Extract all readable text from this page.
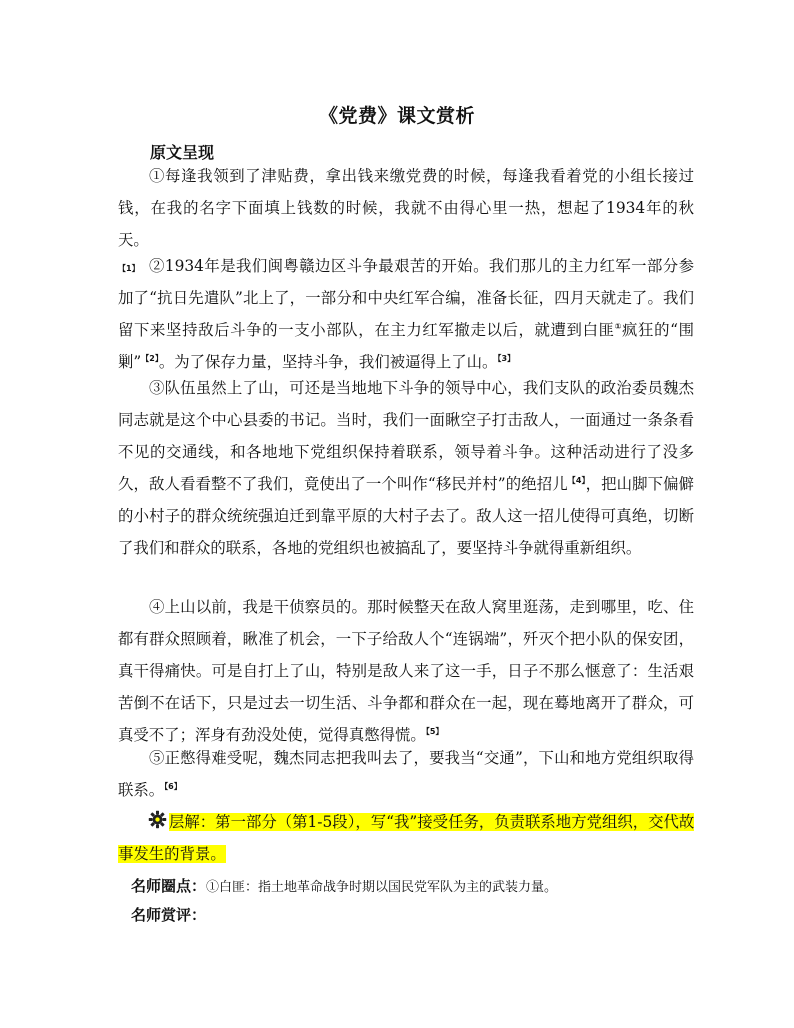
《党费》课文赏析
原文呈现
①每逢我领到了津贴费，拿出钱来缴党费的时候，每逢我看着党的小组长接过钱，在我的名字下面填上钱数的时候，我就不由得心里一热，想起了1934年的秋天。
$^{【1】}$ ②1934年是我们闽粤赣边区斗争最艰苦的开始。我们那儿的主力红军一部分参加了“抗日先遣队”北上了，一部分和中央红军合编，准备长征，四月天就走了。我们留下来坚持敌后斗争的一支小部队，在主力红军撤走以后，就遭到白匪①疯狂的“围剿”$^{【2】}$。为了保存力量，坚持斗争，我们被逼得上了山。$^{【3】}$
③队伍虽然上了山，可还是当地地下斗争的领导中心，我们支队的政治委员魏杰同志就是这个中心县委的书记。当时，我们一面瞅空子打击敌人，一面通过一条条看不见的交通线，和各地地下党组织保持着联系，领导着斗争。这种活动进行了没多久，敌人看看整不了我们，竟使出了一个叫作“移民并村”的绝招儿$^{【4】}$，把山脚下偏僻的小村子的群众统统强迫迁到靠平原的大村子去了。敌人这一招儿使得可真绝，切断了我们和群众的联系，各地的党组织也被搞乱了，要坚持斗争就得重新组织。
④上山以前，我是干侦察员的。那时候整天在敌人窝里逛荡，走到哪里，吃、住都有群众照顾着，瞅准了机会，一下子给敌人个“连锅端”，歼灭个把小队的保安团，真干得痛快。可是自打上了山，特别是敌人来了这一手，日子不那么惬意了：生活艰苦倒不在话下，只是过去一切生活、斗争都和群众在一起，现在蓦地离开了群众，可真受不了；浑身有劲没处使，觉得真憋得慌。$^{【5】}$
⑤正憋得难受呢，魏杰同志把我叫去了，要我当“交通”，下山和地方党组织取得联系。$^{【6】}$
层解：第一部分（第1-5段），写“我”接受任务，负责联系地方党组织，交代故事发生的背景。
名师圈点：①白匪：指土地革命战争时期以国民党军队为主的武装力量。
名师赏评：
